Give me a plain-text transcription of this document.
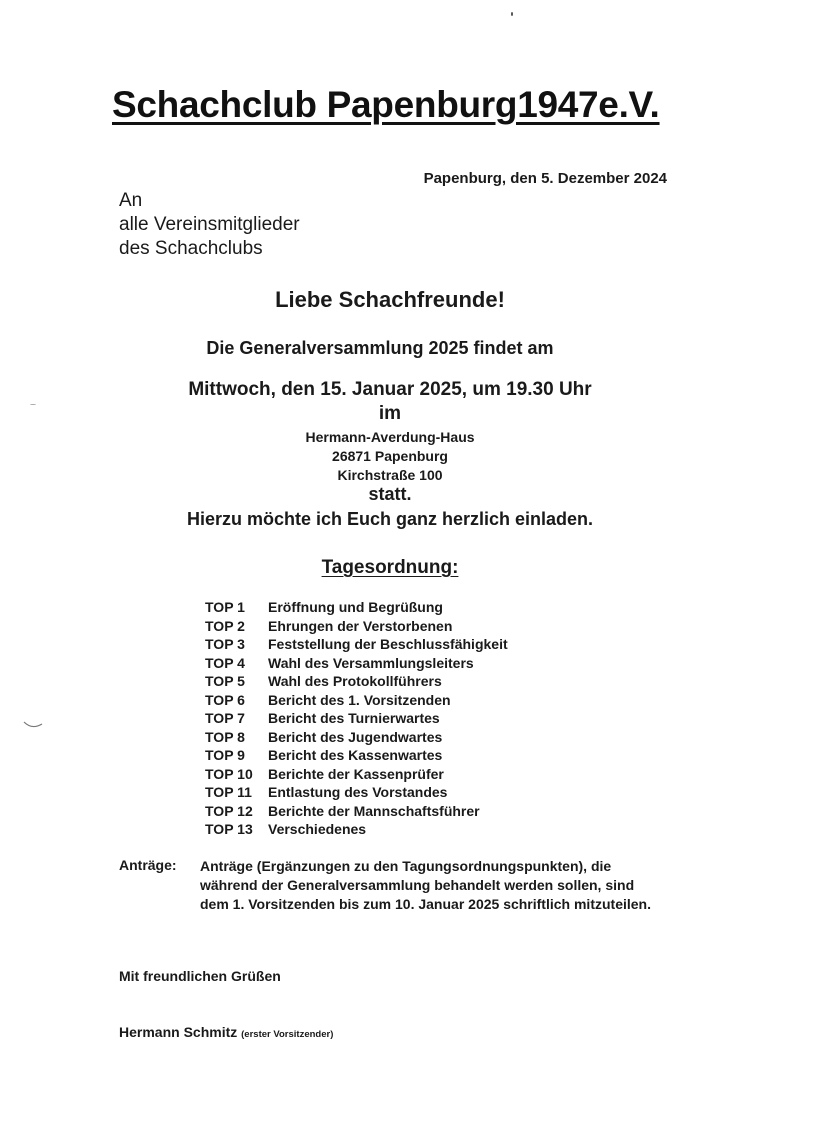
Schachclub Papenburg1947e.V.
Papenburg, den 5. Dezember 2024
An
alle Vereinsmitglieder
des Schachclubs
Liebe Schachfreunde!
Die Generalversammlung 2025 findet am
Mittwoch, den 15. Januar 2025, um 19.30 Uhr
im
Hermann-Averdung-Haus
26871 Papenburg
Kirchstraße 100
statt.
Hierzu möchte ich Euch ganz herzlich einladen.
Tagesordnung:
TOP 1	Eröffnung und Begrüßung
TOP 2	Ehrungen der Verstorbenen
TOP 3	Feststellung der Beschlussfähigkeit
TOP 4	Wahl des Versammlungsleiters
TOP 5	Wahl des Protokollführers
TOP 6	Bericht des 1. Vorsitzenden
TOP 7	Bericht des Turnierwartes
TOP 8	Bericht des Jugendwartes
TOP 9	Bericht des Kassenwartes
TOP 10	Berichte der Kassenprüfer
TOP 11	Entlastung des Vorstandes
TOP 12	Berichte der Mannschaftsführer
TOP 13	Verschiedenes
Anträge: Anträge (Ergänzungen zu den Tagungsordnungspunkten), die
während der Generalversammlung behandelt werden sollen, sind
dem 1. Vorsitzenden bis zum 10. Januar 2025 schriftlich mitzuteilen.
Mit freundlichen Grüßen
Hermann Schmitz (erster Vorsitzender)
